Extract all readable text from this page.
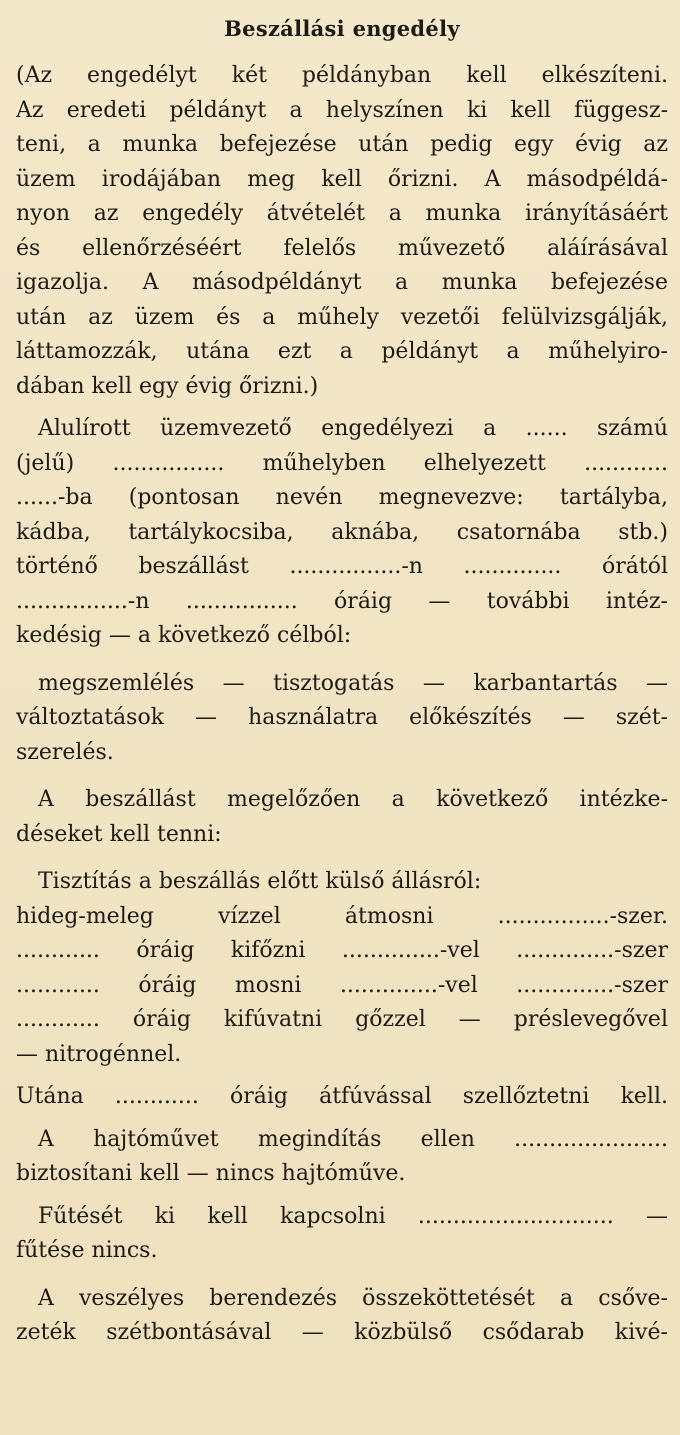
Beszállási engedély
(Az engedélyt két példányban kell elkészíteni.
Az eredeti példányt a helyszínen ki kell függesz-
teni, a munka befejezése után pedig egy évig az
üzem irodájában meg kell őrizni. A másodpéldá-
nyon az engedély átvételét a munka irányításáért
és ellenőrzéséért felelős művezető aláírásával
igazolja. A másodpéldányt a munka befejezése
után az üzem és a műhely vezetői felülvizsgálják,
láttamozzák, utána ezt a példányt a műhelyiro-
dában kell egy évig őrizni.)
Alulírott üzemvezető engedélyezi a ...... számú
(jelű) ................ műhelyben elhelyezett ............
......-ba (pontosan nevén megnevezve: tartályba,
kádba, tartálykocsiba, aknába, csatornába stb.)
történő beszállást ................-n .............. órától
................-n ................ óráig — további intéz-
kedésig — a következő célból:
megszemlélés — tisztogatás — karbantartás —
változtatások — használatra előkészítés — szét-
szerelés.
A beszállást megelőzően a következő intézke-
déseket kell tenni:
Tisztítás a beszállás előtt külső állásról:
hideg-meleg vízzel átmosni ................-szer.
............ óráig kifőzni ..............-vel ..............-szer
............ óráig mosni ..............-vel ..............-szer
............ óráig kifúvatni gőzzel — préslevegővel
— nitrogénnel.
Utána ............ óráig átfúvással szellőztetni kell.
A hajtóművet megindítás ellen ......................
biztosítani kell — nincs hajtóműve.
Fűtését ki kell kapcsolni ............................ —
fűtése nincs.
A veszélyes berendezés összeköttetését a csőve-
zeték szétbontásával — közbülső csődarab kivé-
